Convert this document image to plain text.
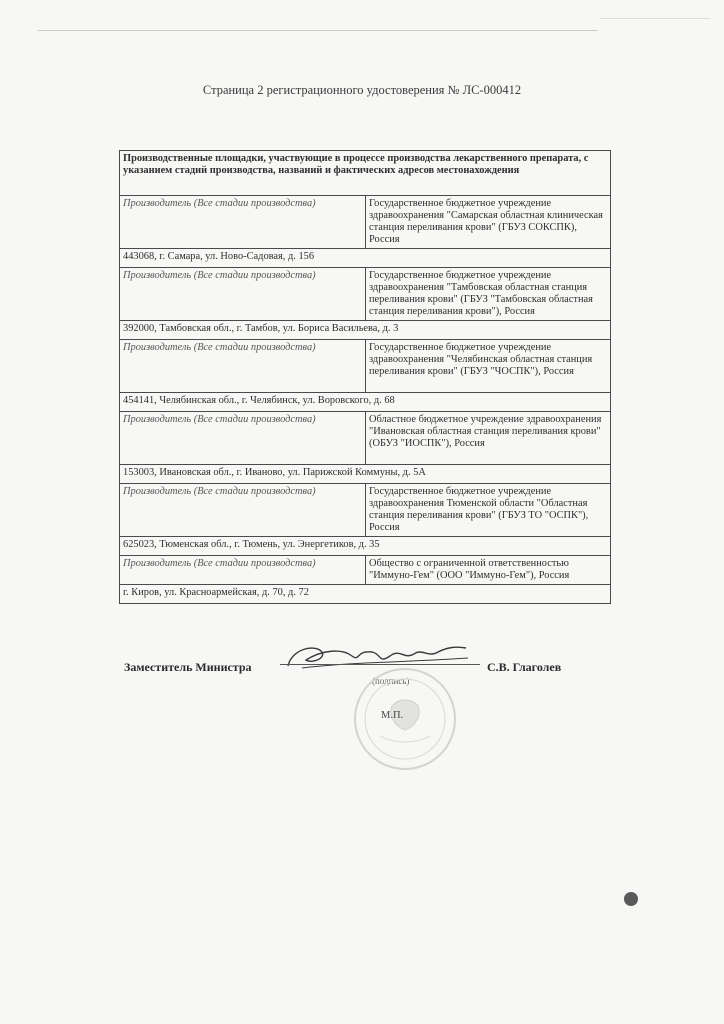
Страница 2 регистрационного удостоверения № ЛС-000412
Производственные площадки, участвующие в процессе производства лекарственного препарата, с указанием стадий производства, названий и фактических адресов местонахождения	
Производитель (Все стадии производства)	Государственное бюджетное учреждение здравоохранения "Самарская областная клиническая станция переливания крови" (ГБУЗ СОКСПК), Россия
443068, г. Самара, ул. Ново-Садовая, д. 156	
Производитель (Все стадии производства)	Государственное бюджетное учреждение здравоохранения "Тамбовская областная станция переливания крови" (ГБУЗ "Тамбовская областная станция переливания крови"), Россия
392000, Тамбовская обл., г. Тамбов, ул. Бориса Васильева, д. 3	
Производитель (Все стадии производства)	Государственное бюджетное учреждение здравоохранения "Челябинская областная станция переливания крови" (ГБУЗ "ЧОСПК"), Россия
454141, Челябинская обл., г. Челябинск, ул. Воровского, д. 68	
Производитель (Все стадии производства)	Областное бюджетное учреждение здравоохранения "Ивановская областная станция переливания крови" (ОБУЗ "ИОСПК"), Россия
153003, Ивановская обл., г. Иваново, ул. Парижской Коммуны, д. 5А	
Производитель (Все стадии производства)	Государственное бюджетное учреждение здравоохранения Тюменской области "Областная станция переливания крови" (ГБУЗ ТО "ОСПК"), Россия
625023, Тюменская обл., г. Тюмень, ул. Энергетиков, д. 35	
Производитель (Все стадии производства)	Общество с ограниченной ответственностью "Иммуно-Гем" (ООО "Иммуно-Гем"), Россия
г. Киров, ул. Красноармейская, д. 70, д. 72	
Заместитель Министра	С.В. Глаголев
(подпись)
М.П.
